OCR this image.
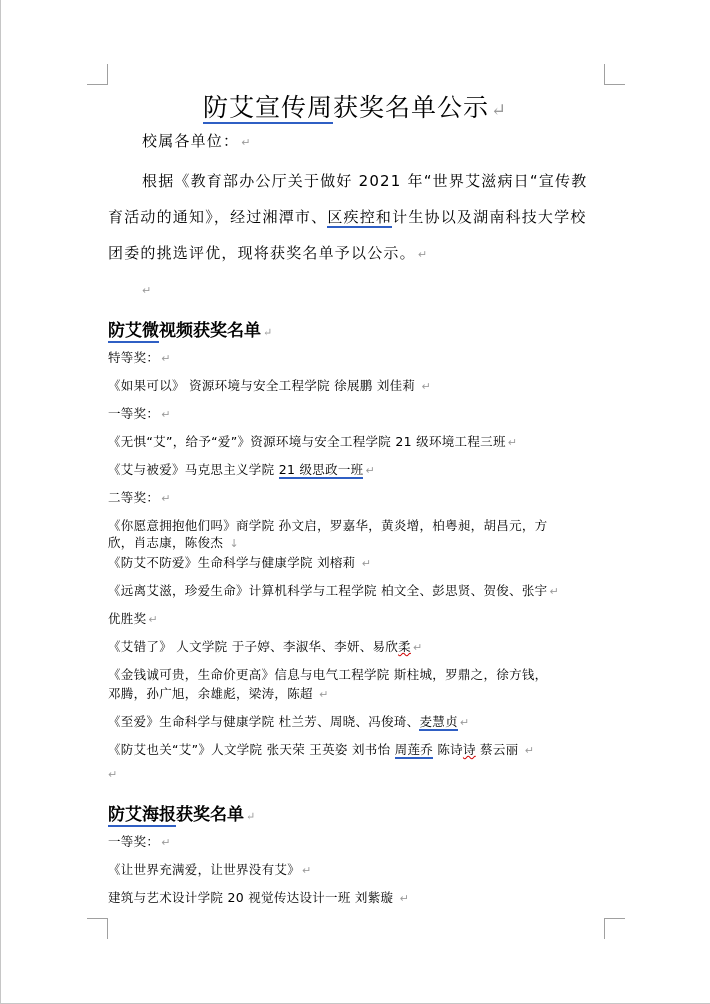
防艾宣传周获奖名单公示 ↵
校属各单位： ↵
根据《教育部办公厅关于做好 2021 年“世界艾滋病日“宣传教
育活动的通知》，经过湘潭市、区疾控和计生协以及湖南科技大学校
团委的挑选评优，现将获奖名单予以公示。 ↵
↵
防艾微视频获奖名单 ↵
特等奖： ↵
《如果可以》 资源环境与安全工程学院 徐展鹏 刘佳莉 ↵
一等奖： ↵
《无惧“艾”，给予“爱”》资源环境与安全工程学院 21 级环境工程三班 ↵
《艾与被爱》马克思主义学院 21 级思政一班 ↵
二等奖： ↵
《你愿意拥抱他们吗》商学院 孙文启，罗嘉华，黄炎增，柏粤昶，胡昌元，方
欣，肖志康，陈俊杰 ↓
《防艾不防爱》生命科学与健康学院 刘榕莉 ↵
《远离艾滋，珍爱生命》计算机科学与工程学院 柏文全、彭思贤、贺俊、张宇 ↵
优胜奖 ↵
《艾错了》 人文学院 于子婷、李淑华、李妍、易欣柔 ↵
《金钱诚可贵，生命价更高》信息与电气工程学院 斯柱城，罗鼎之，徐方钱，
邓腾，孙广旭，余雄彪，梁涛，陈超 ↵
《至爱》生命科学与健康学院 杜兰芳、周晓、冯俊琦、麦慧贞 ↵
《防艾也关“艾”》人文学院 张天荣 王英姿 刘书怡 周莲乔 陈诗诗 蔡云丽 ↵
↵
防艾海报获奖名单 ↵
一等奖： ↵
《让世界充满爱，让世界没有艾》 ↵
建筑与艺术设计学院 20 视觉传达设计一班 刘紫璇 ↵
